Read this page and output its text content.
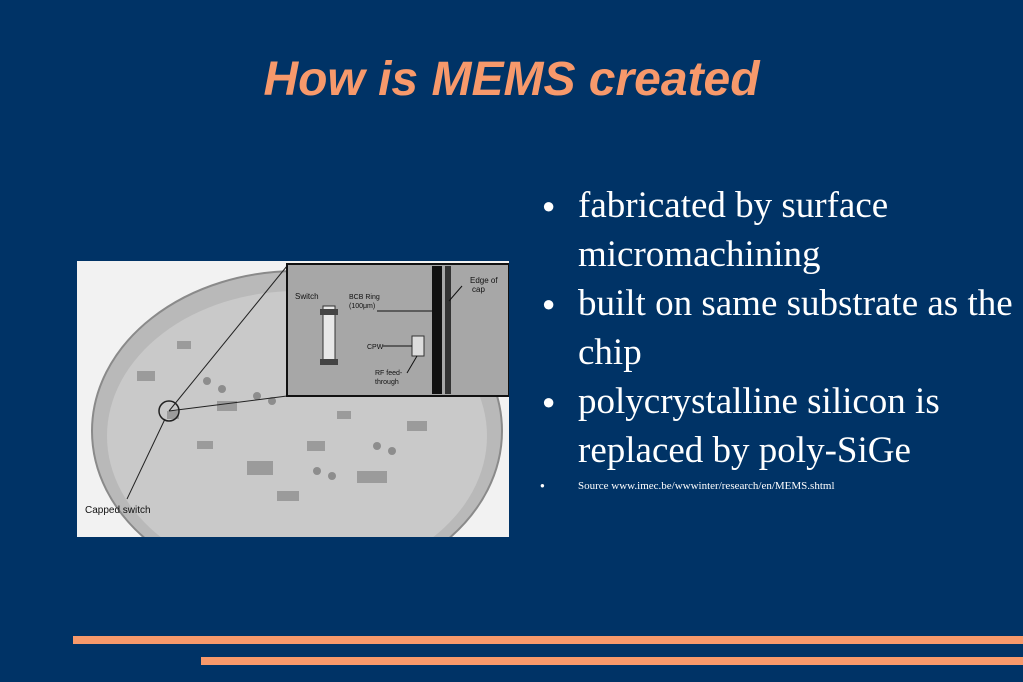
How is MEMS created
Switch	BCB Ring
(100μm)
Edge of
cap
CPW
RF feed-
through
Capped switch
● fabricated by surface micromachining
● built on same substrate as the chip
● polycrystalline silicon is replaced by poly-SiGe
●	Source www.imec.be/wwwinter/research/en/MEMS.shtml
